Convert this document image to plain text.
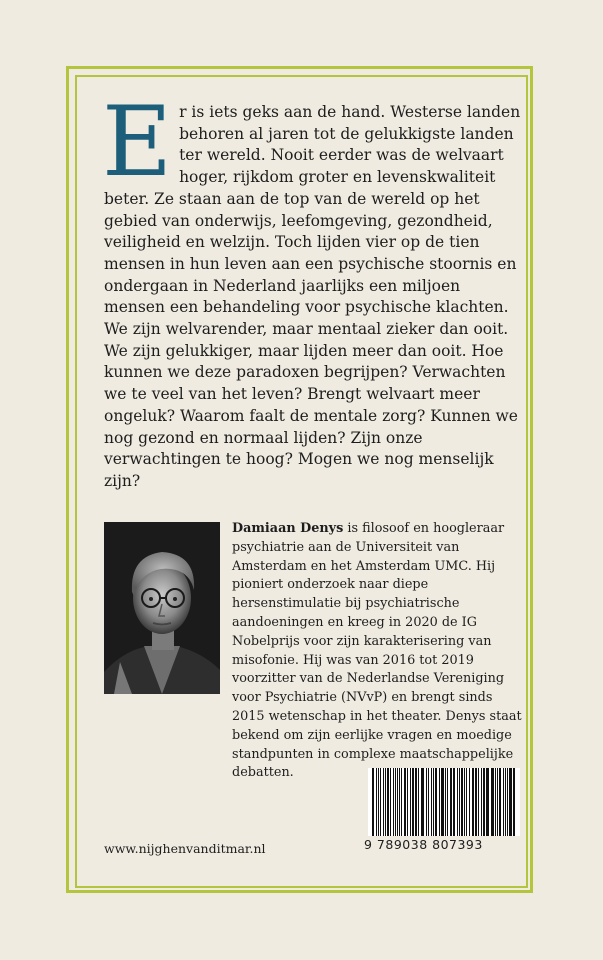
Er is iets geks aan de hand. Westerse landen behoren al jaren tot de gelukkigste landen ter wereld. Nooit eerder was de welvaart hoger, rijkdom groter en levenskwaliteit beter. Ze staan aan de top van de wereld op het gebied van onderwijs, leefomgeving, gezondheid, veiligheid en welzijn. Toch lijden vier op de tien mensen in hun leven aan een psychische stoornis en ondergaan in Nederland jaarlijks een miljoen mensen een behandeling voor psychische klachten. We zijn welvarender, maar mentaal zieker dan ooit. We zijn gelukkiger, maar lijden meer dan ooit. Hoe kunnen we deze paradoxen begrijpen? Verwachten we te veel van het leven? Brengt welvaart meer ongeluk? Waarom faalt de mentale zorg? Kunnen we nog gezond en normaal lijden? Zijn onze verwachtingen te hoog? Mogen we nog menselijk zijn?

Damiaan Denys is filosoof en hoogleraar psychiatrie aan de Universiteit van Amsterdam en het Amsterdam UMC. Hij pioniert onderzoek naar diepe hersenstimulatie bij psychiatrische aandoeningen en kreeg in 2020 de IG Nobelprijs voor zijn karakterisering van misofonie. Hij was van 2016 tot 2019 voorzitter van de Nederlandse Vereniging voor Psychiatrie (NVvP) en brengt sinds 2015 wetenschap in het theater. Denys staat bekend om zijn eerlijke vragen en moedige standpunten in complexe maatschappelijke debatten.

www.nijghenvanditmar.nl	9 789038 807393
